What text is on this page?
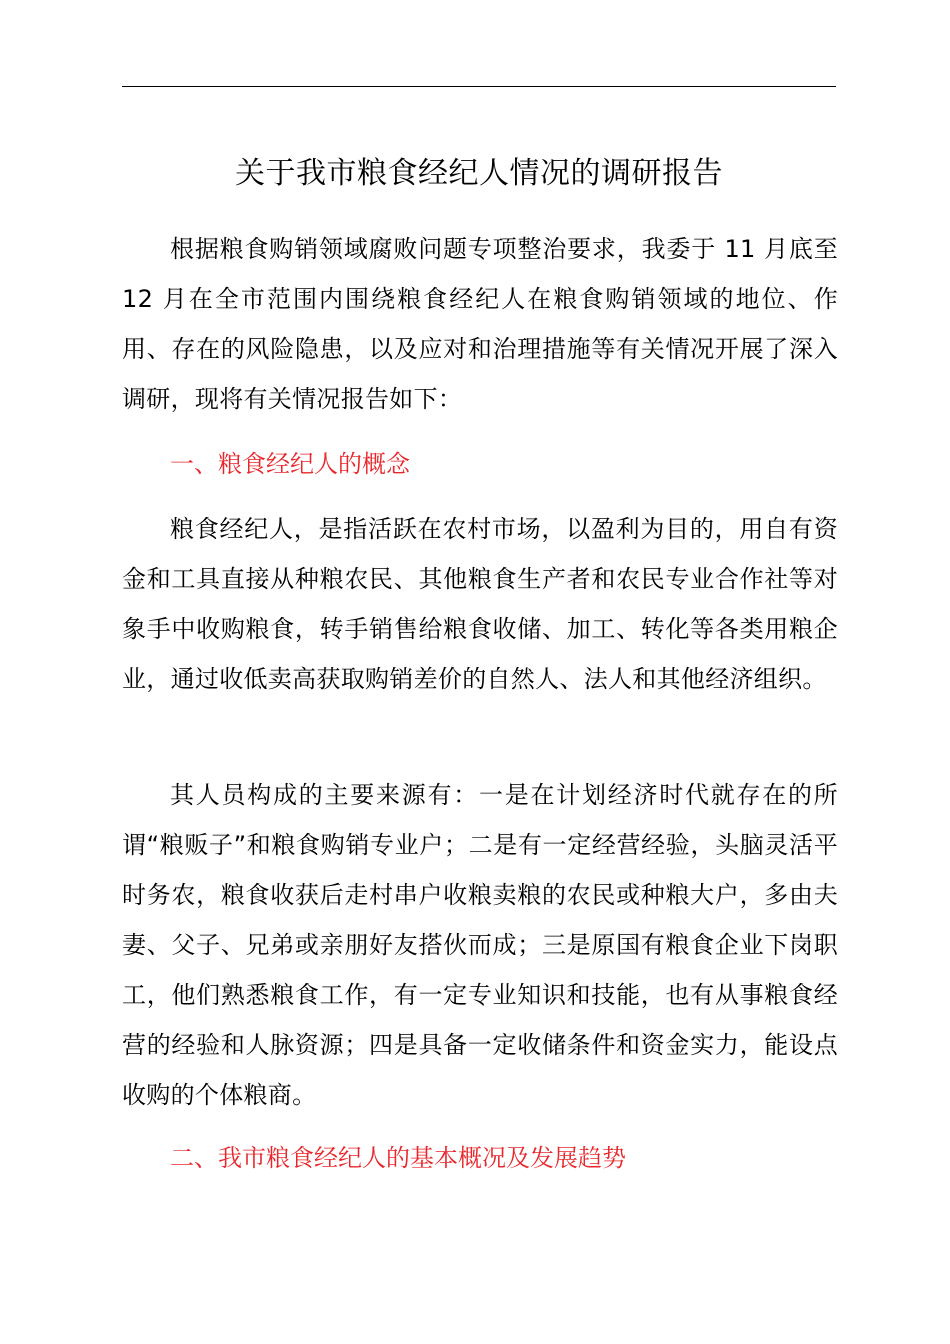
关于我市粮食经纪人情况的调研报告

根据粮食购销领域腐败问题专项整治要求，我委于 11 月底至 12 月在全市范围内围绕粮食经纪人在粮食购销领域的地位、作用、存在的风险隐患，以及应对和治理措施等有关情况开展了深入调研，现将有关情况报告如下：

一、粮食经纪人的概念

粮食经纪人，是指活跃在农村市场，以盈利为目的，用自有资金和工具直接从种粮农民、其他粮食生产者和农民专业合作社等对象手中收购粮食，转手销售给粮食收储、加工、转化等各类用粮企业，通过收低卖高获取购销差价的自然人、法人和其他经济组织。

其人员构成的主要来源有：一是在计划经济时代就存在的所谓“粮贩子”和粮食购销专业户；二是有一定经营经验，头脑灵活平时务农，粮食收获后走村串户收粮卖粮的农民或种粮大户，多由夫妻、父子、兄弟或亲朋好友搭伙而成；三是原国有粮食企业下岗职工，他们熟悉粮食工作，有一定专业知识和技能，也有从事粮食经营的经验和人脉资源；四是具备一定收储条件和资金实力，能设点收购的个体粮商。

二、我市粮食经纪人的基本概况及发展趋势
